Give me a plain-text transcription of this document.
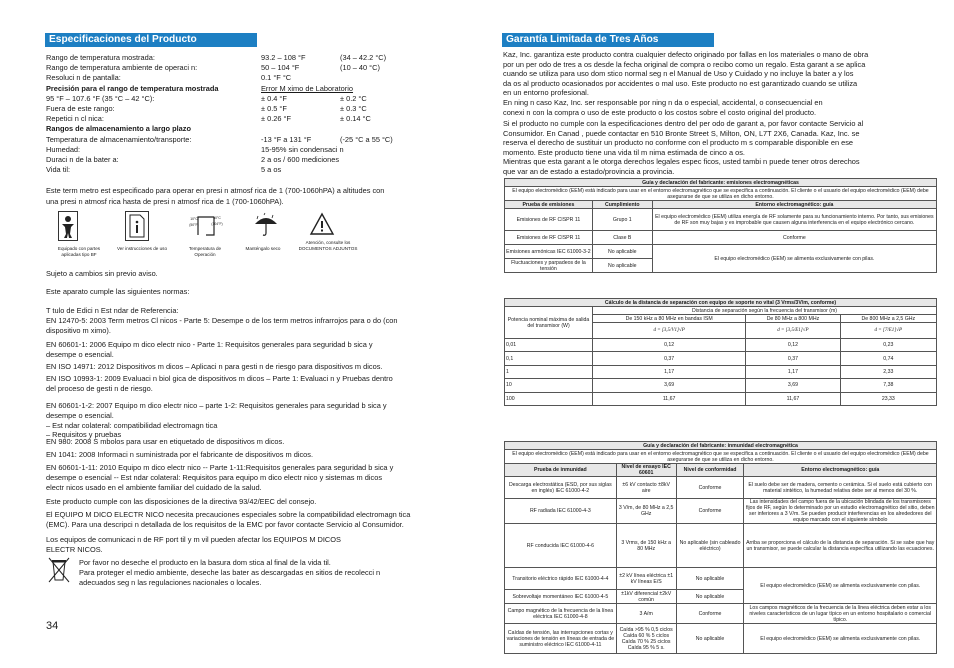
Especificaciones del Producto
Rango de temperatura mostrada:	93.2 – 108 °F	(34 – 42.2 °C)
Rango de temperatura ambiente de operaci n:	50 – 104 °F	(10 – 40 °C)
Resoluci n de pantalla:	0.1 °F °C
Precisión para el rango de temperatura mostrada	Error M ximo de Laboratorio
95 °F – 107.6 °F (35 °C – 42 °C):	± 0.4 °F	± 0.2 °C
Fuera de este rango:	± 0.5 °F	± 0.3 °C
Repetici n cl nica:	± 0.26 °F	± 0.14 °C
Rangos de almacenamiento a largo plazo
Temperatura de almacenamiento/transporte:	-13 °F a 131 °F	(-25 °C a 55 °C)
Humedad:	15-95% sin condensaci n
Duraci n de la bater a:	2 a os / 600 mediciones
Vida til:	5 a os
Este term metro est especificado para operar en presi n atmosf rica de 1 (700-1060hPA) a altitudes con
una presi n atmosf rica hasta de presi n atmosf rica de 1 (700-1060hPA).
10°C (50°F)
40°C (104°F)
Equipado con partes aplicadas tipo BF
Ver instrucciones de uso	Temperatura de Operación
Manténgalo seco
Atención, consulte los DOCUMENTOS ADJUNTOS
Sujeto a cambios sin previo aviso.
Este aparato cumple las siguientes normas:
T tulo de Edici n Est ndar de Referencia:
EN 12470-5: 2003 Term metros Cl nicos - Parte 5: Desempe o de los term metros infrarrojos para o do (con
dispositivo m ximo).
EN 60601-1: 2006 Equipo m dico electr nico - Parte 1: Requisitos generales para seguridad b sica y
desempe o esencial.
EN ISO 14971: 2012 Dispositivos m dicos – Aplicaci n para gesti n de riesgo para dispositivos m dicos.
EN ISO 10993-1: 2009 Evaluaci n biol gica de dispositivos m dicos – Parte 1: Evaluaci n y Pruebas dentro
del proceso de gesti n de riesgo.
EN 60601-1-2: 2007 Equipo m dico electr nico – parte 1-2: Requisitos generales para seguridad b sica y
desempe o esencial.
– Est ndar colateral: compatibilidad electromagn tica
– Requisitos y pruebas
EN 980: 2008 S mbolos para usar en etiquetado de dispositivos m dicos.
EN 1041: 2008 Informaci n suministrada por el fabricante de dispositivos m dicos.
EN 60601-1-11: 2010 Equipo m dico electr nico -- Parte 1-11:Requisitos generales para seguridad b sica y
desempe o esencial -- Est ndar colateral: Requisitos para equipo m dico electr nico y sistemas m dicos
electr nicos usado en el ambiente familiar del cuidado de la salud.
Este producto cumple con las disposiciones de la directiva 93/42/EEC del consejo.
El EQUIPO M DICO ELECTR NICO necesita precauciones especiales sobre la compatibilidad electromagn tica
(EMC). Para una descripci n detallada de los requisitos de la EMC por favor contacte Servicio al Consumidor.
Los equipos de comunicaci n de RF port til y m vil pueden afectar los EQUIPOS M DICOS
ELECTR NICOS.
Por favor no deseche el producto en la basura dom stica al final de la vida til.
Para proteger el medio ambiente, deseche las bater as descargadas en sitios de recolecci n
adecuados seg n las regulaciones nacionales o locales.
34
Garantía Limitada de Tres Años
Kaz, Inc. garantiza este producto contra cualquier defecto originado por fallas en los materiales o mano de obra
por un per odo de tres a os desde la fecha original de compra o recibo como un regalo. Esta garant a se aplica
cuando se utiliza para uso dom stico normal seg n el Manual de Uso y Cuidado y no incluye la bater a y los
da os al producto ocasionados por accidentes o mal uso. Este producto no est garantizado cuando se utiliza
en un entorno profesional.
En ning n caso Kaz, Inc. ser responsable por ning n da o especial, accidental, o consecuencial en
conexi n con la compra o uso de este producto o los costos sobre el costo original del producto.
Si el producto no cumple con la especificaciones dentro del per odo de garant a, por favor contacte Servicio al
Consumidor. En Canad , puede contactar en 510 Bronte Street S, Milton, ON, L7T 2X6, Canada. Kaz, Inc. se
reserva el derecho de sustituir un producto no conforme con el producto m s comparable disponible en ese
momento. Este producto tiene una vida til m nima estimada de cinco a os.
Mientras que esta garant a le otorga derechos legales espec ficos, usted tambi n puede tener otros derechos
que var an de estado a estado/provincia a provincia.
Guía y declaración del fabricante: emisiones electromagnéticas		
El equipo electromédico (EEM) está indicado para usar en el entorno electromagnético que se especifica a continuación. El cliente o el usuario del equipo electromédico (EEM) debe asegurarse de que se utiliza en dicho entorno.		
Prueba de emisiones	Cumplimiento	Entorno electromagnético: guía
Emisiones de RF CISPR 11	Grupo 1	El equipo electromédico (EEM) utiliza energía de RF solamente para su funcionamiento interno. Por tanto, sus emisiones de RF son muy bajas y es improbable que causen alguna interferencia en el equipo electrónico cercano.
Emisiones de RF CISPR 11	Clase B	Conforme
Emisiones armónicas IEC 61000-3-2	No aplicable	El equipo electromédico (EEM) se alimenta exclusivamente con pilas.
Fluctuaciones y parpadeos de la tensión	No aplicable	
Cálculo de la distancia de separación con equipo de soporte no vital (3 Vrms/3V/m, conforme)			
Potencia nominal máxima de salida del transmisor (W)	Distancia de separación según la frecuencia del transmisor (m)		
	De 150 kHz a 80 MHz en bandas ISM	De 80 MHz a 800 MHz	De 800 MHz a 2,5 GHz
	d = [3,5/V1]√P	d = [3,5/E1]√P	d = [7/E1]√P
0,01	0,12	0,12	0,23
0,1	0,37	0,37	0,74
1	1,17	1,17	2,33
10	3,69	3,69	7,38
100	11,67	11,67	23,33
Guía y declaración del fabricante: inmunidad electromagnética			
El equipo electromédico (EEM) está indicado para usar en el entorno electromagnético que se especifica a continuación. El cliente o el usuario del equipo electromédico (EEM) debe asegurarse de que se utiliza en dicho entorno.			
Prueba de inmunidad	Nivel de ensayo IEC 60601	Nivel de conformidad	Entorno electromagnético: guía
Descarga electrostática (ESD, por sus siglas en inglés) IEC 61000-4-2	±6 kV contacto ±8kV aire	Conforme	El suelo debe ser de madera, cemento o cerámica. Si el suelo está cubierto con material sintético, la humedad relativa debe ser al menos del 30 %.
RF radiada IEC 61000-4-3	3 V/m, de 80 MHz a 2,5 GHz	Conforme	Las intensidades del campo fuera de la ubicación blindada de los transmisores fijos de RF, según lo determinado por un estudio electromagnético del sitio, deben ser inferiores a 3 V/m. Se pueden producir interferencias en los alrededores del equipo marcado con el siguiente símbolo
RF conducida IEC 61000-4-6	3 Vrms, de 150 kHz a 80 MHz	No aplicable (sin cableado eléctrico)	Arriba se proporciona el cálculo de la distancia de separación. Si se sabe que hay un transmisor, se puede calcular la distancia específica utilizando las ecuaciones.
Transitorio eléctrico rápido IEC 61000-4-4	±2 kV línea eléctrica ±1 kV líneas E/S	No aplicable	El equipo electromédico (EEM) se alimenta exclusivamente con pilas.
Sobrevoltaje momentáneo IEC 61000-4-5	±1kV diferencial ±2kV común	No aplicable	
Campo magnético de la frecuencia de la línea eléctrica IEC 61000-4-8	3 A/m	Conforme	Los campos magnéticos de la frecuencia de la línea eléctrica deben estar a los niveles característicos de un lugar típico en un entorno hospitalario o comercial típico.
Caídas de tensión, las interrupciones cortas y variaciones de tensión en líneas de entrada de suministro eléctrico IEC 61000-4-11	Caída >95 % 0,5 ciclos Caída 60 % 5 ciclos Caída 70 % 25 ciclos Caída 95 % 5 s.	No aplicable	El equipo electromédico (EEM) se alimenta exclusivamente con pilas.
